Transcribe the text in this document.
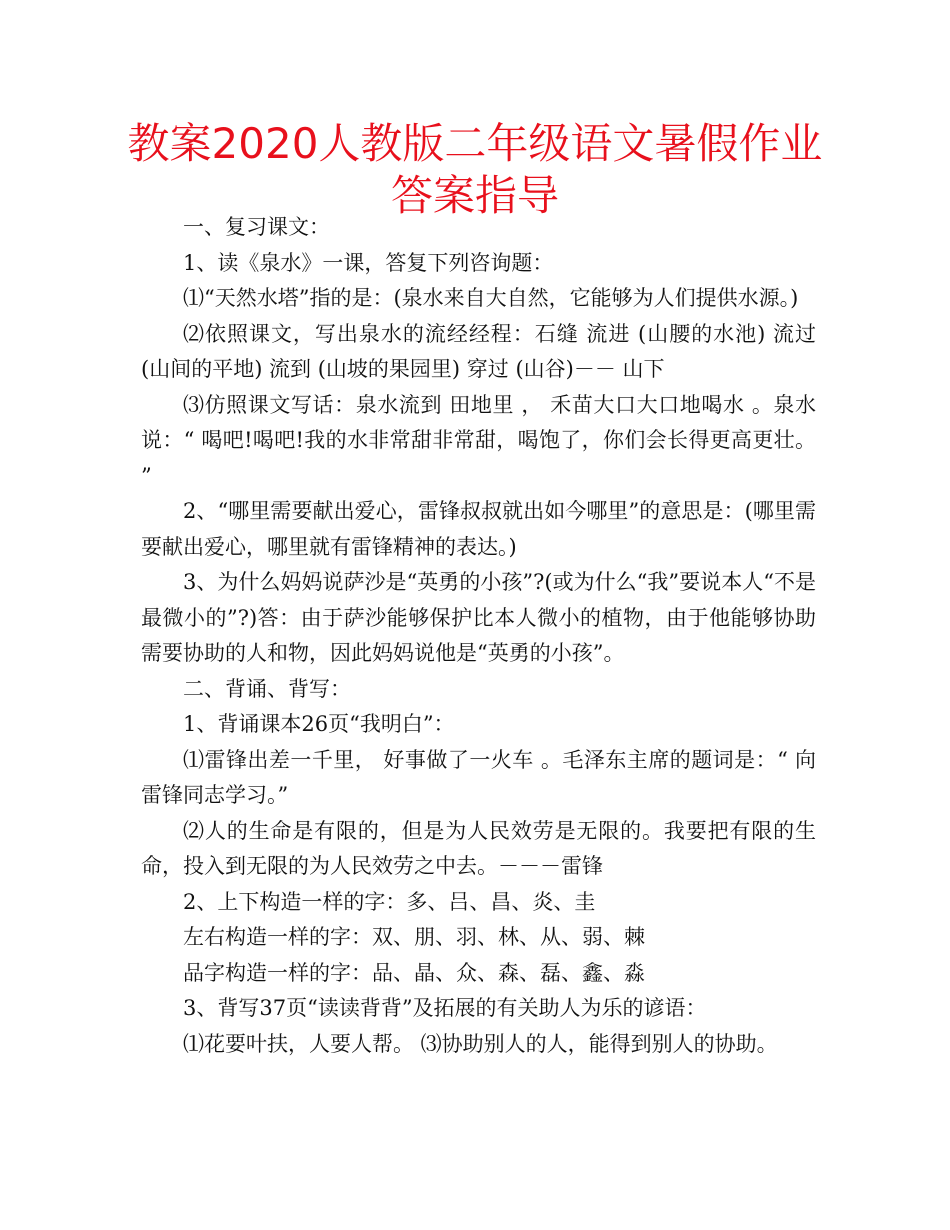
教案2020人教版二年级语文暑假作业答案指导

一、复习课文：

1、读《泉水》一课，答复下列咨询题：

⑴“天然水塔”指的是：(泉水来自大自然，它能够为人们提供水源。)

⑵依照课文，写出泉水的流经经程：石缝 流进 (山腰的水池) 流过 (山间的平地) 流到 (山坡的果园里) 穿过 (山谷)－－ 山下

⑶仿照课文写话：泉水流到 田地里 ， 禾苗大口大口地喝水 。泉水说：“ 喝吧!喝吧!我的水非常甜非常甜，喝饱了，你们会长得更高更壮。 ”

2、“哪里需要献出爱心，雷锋叔叔就出如今哪里”的意思是：(哪里需要献出爱心，哪里就有雷锋精神的表达。)

3、为什么妈妈说萨沙是“英勇的小孩”?(或为什么“我”要说本人“不是最微小的”?)答：由于萨沙能够保护比本人微小的植物，由于他能够协助需要协助的人和物，因此妈妈说他是“英勇的小孩”。

二、背诵、背写：

1、背诵课本26页“我明白”：

⑴雷锋出差一千里， 好事做了一火车 。毛泽东主席的题词是：“ 向雷锋同志学习。”

⑵人的生命是有限的，但是为人民效劳是无限的。我要把有限的生命，投入到无限的为人民效劳之中去。－－－雷锋

2、上下构造一样的字：多、吕、昌、炎、圭

左右构造一样的字：双、朋、羽、林、从、弱、棘

品字构造一样的字：品、晶、众、森、磊、鑫、淼

3、背写37页“读读背背”及拓展的有关助人为乐的谚语：

⑴花要叶扶，人要人帮。 ⑶协助别人的人，能得到别人的协助。
